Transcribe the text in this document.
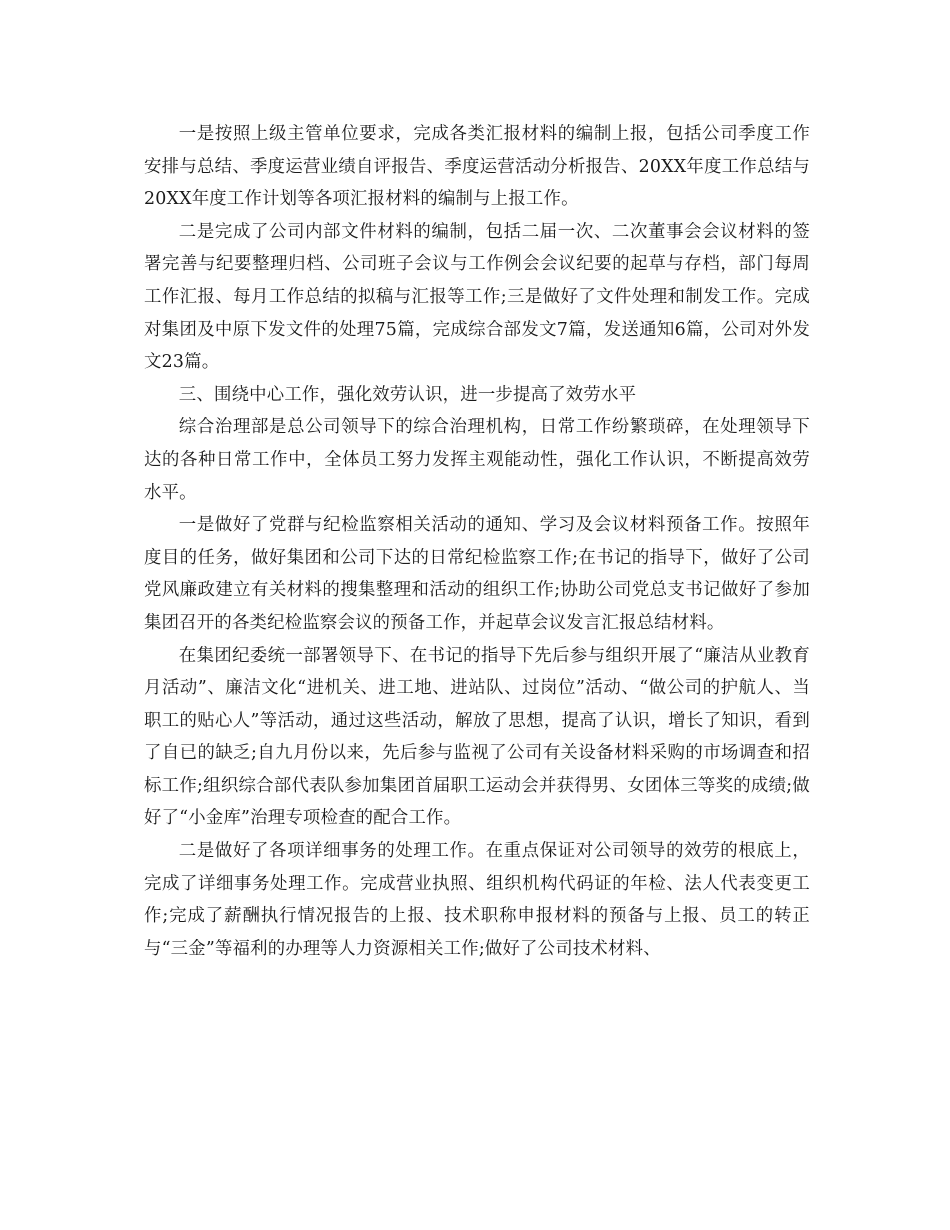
一是按照上级主管单位要求，完成各类汇报材料的编制上报，包括公司季度工作安排与总结、季度运营业绩自评报告、季度运营活动分析报告、20XX年度工作总结与20XX年度工作计划等各项汇报材料的编制与上报工作。

二是完成了公司内部文件材料的编制，包括二届一次、二次董事会会议材料的签署完善与纪要整理归档、公司班子会议与工作例会会议纪要的起草与存档，部门每周工作汇报、每月工作总结的拟稿与汇报等工作;三是做好了文件处理和制发工作。完成对集团及中原下发文件的处理75篇，完成综合部发文7篇，发送通知6篇，公司对外发文23篇。

三、围绕中心工作，强化效劳认识，进一步提高了效劳水平

综合治理部是总公司领导下的综合治理机构，日常工作纷繁琐碎，在处理领导下达的各种日常工作中，全体员工努力发挥主观能动性，强化工作认识，不断提高效劳水平。

一是做好了党群与纪检监察相关活动的通知、学习及会议材料预备工作。按照年度目的任务，做好集团和公司下达的日常纪检监察工作;在书记的指导下，做好了公司党风廉政建立有关材料的搜集整理和活动的组织工作;协助公司党总支书记做好了参加集团召开的各类纪检监察会议的预备工作，并起草会议发言汇报总结材料。

在集团纪委统一部署领导下、在书记的指导下先后参与组织开展了“廉洁从业教育月活动”、廉洁文化“进机关、进工地、进站队、过岗位”活动、“做公司的护航人、当职工的贴心人”等活动，通过这些活动，解放了思想，提高了认识，增长了知识，看到了自已的缺乏;自九月份以来，先后参与监视了公司有关设备材料采购的市场调查和招标工作;组织综合部代表队参加集团首届职工运动会并获得男、女团体三等奖的成绩;做好了“小金库”治理专项检查的配合工作。

二是做好了各项详细事务的处理工作。在重点保证对公司领导的效劳的根底上，完成了详细事务处理工作。完成营业执照、组织机构代码证的年检、法人代表变更工作;完成了薪酬执行情况报告的上报、技术职称申报材料的预备与上报、员工的转正与“三金”等福利的办理等人力资源相关工作;做好了公司技术材料、
